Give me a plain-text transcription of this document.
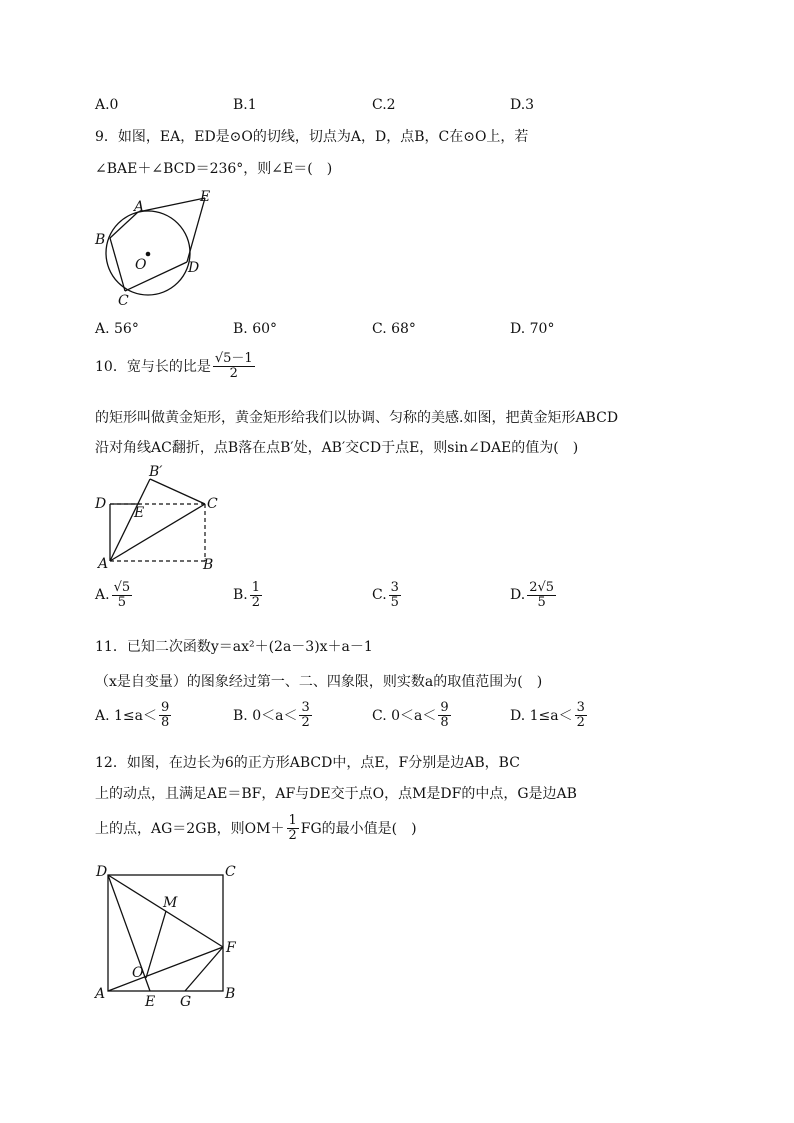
A.0	B.1	C.2	D.3
9．如图，EA，ED是⊙O的切线，切点为A，D，点B，C在⊙O上，若
∠BAE＋∠BCD＝236°，则∠E＝(　)
A
E
B
O	D
C
A. 56°	B. 60°	C. 68°	D. 70°
10．宽与长的比是 $\frac{√5-1}{2}$
的矩形叫做黄金矩形，黄金矩形给我们以协调、匀称的美感.如图，把黄金矩形ABCD
沿对角线AC翻折，点B落在点B′处，AB′交CD于点E，则sin∠DAE的值为(　)
B′
D
E
C
A	B
A. $\frac{√5}{5}$	B. $\frac{1}{2}$	C. $\frac{3}{5}$	D. $\frac{2√5}{5}$
11．已知二次函数y＝ax²＋(2a－3)x＋a－1
（x是自变量）的图象经过第一、二、四象限，则实数a的取值范围为(　)
A. $1\le a< \frac{9}{8}$	B. $0<a< \frac{3}{2}$	C. $0<a< \frac{9}{8}$	D. $1\le a< \frac{3}{2}$
12．如图，在边长为6的正方形ABCD中，点E，F分别是边AB，BC
上的动点，且满足AE＝BF，AF与DE交于点O，点M是DF的中点，G是边AB
上的点，AG＝2GB，则$OM+ \frac{1}{2}$ FG的最小值是(　)
D	C
M
F
O
A	E G B
